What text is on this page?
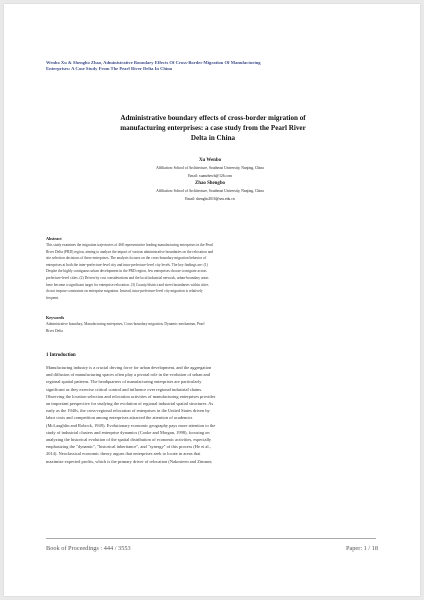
Wenbo Xu & Shengbo Zhao, Administrative Boundary Effects Of Cross-Border Migration Of Manufacturing
Enterprises: A Case Study From The Pearl River Delta In China
Administrative boundary effects of cross-border migration of
manufacturing enterprises: a case study from the Pearl River
Delta in China
Xu Wenbo
Affiliation: School of Architecture, Southeast University, Nanjing, China
Email: xuanzhewb@126.com
Zhao Shengbo
Affiliation: School of Architecture, Southeast University, Nanjing, China
Email: shengbo2016@seu.edu.cn
Abstract
This study examines the migration trajectories of 468 representative leading manufacturing enterprises in the Pearl
River Delta (PRD) region, aiming to analyze the impact of various administrative boundaries on the relocation and
site selection decisions of these enterprises. The analysis focuses on the cross-boundary migration behavior of
enterprises at both the inter-prefecture-level city and intra-prefecture-level city levels. The key findings are: (1)
Despite the highly contiguous urban development in the PRD region, few enterprises choose to migrate across
prefecture-level cities. (2) Driven by cost considerations and the local industrial network, urban-boundary areas
have become a significant target for enterprise relocation. (3) County/district and street boundaries within cities
do not impose constraints on enterprise migration. Instead, intra-prefecture-level city migration is relatively
frequent.
Keywords
Administrative boundary, Manufacturing enterprises, Cross-boundary migration, Dynamic mechanism, Pearl
River Delta
1 Introduction
Manufacturing industry is a crucial driving force for urban development, and the aggregation
and diffusion of manufacturing spaces often play a pivotal role in the evolution of urban and
regional spatial patterns. The headquarters of manufacturing enterprises are particularly
significant as they exercise critical control and influence over regional industrial chains.
Observing the location selection and relocation activities of manufacturing enterprises provides
an important perspective for studying the evolution of regional industrial spatial structures. As
early as the 1940s, the cross-regional relocation of enterprises in the United States driven by
labor costs and competition among enterprises attracted the attention of academics
(McLaughlin and Robock, 1949). Evolutionary economic geography pays more attention to the
study of industrial clusters and enterprise dynamics (Cooke and Morgan, 1998), focusing on
analyzing the historical evolution of the spatial distribution of economic activities, especially
emphasizing the "dynamic", "historical inheritance", and "synergy" of this process (He et al.,
2014). Neoclassical economic theory argues that enterprises seek to locate in areas that
maximize expected profits, which is the primary driver of relocation (Nakosteen and Zimmer,
Book of Proceedings : 444 / 3553	Paper: 1 / 18
